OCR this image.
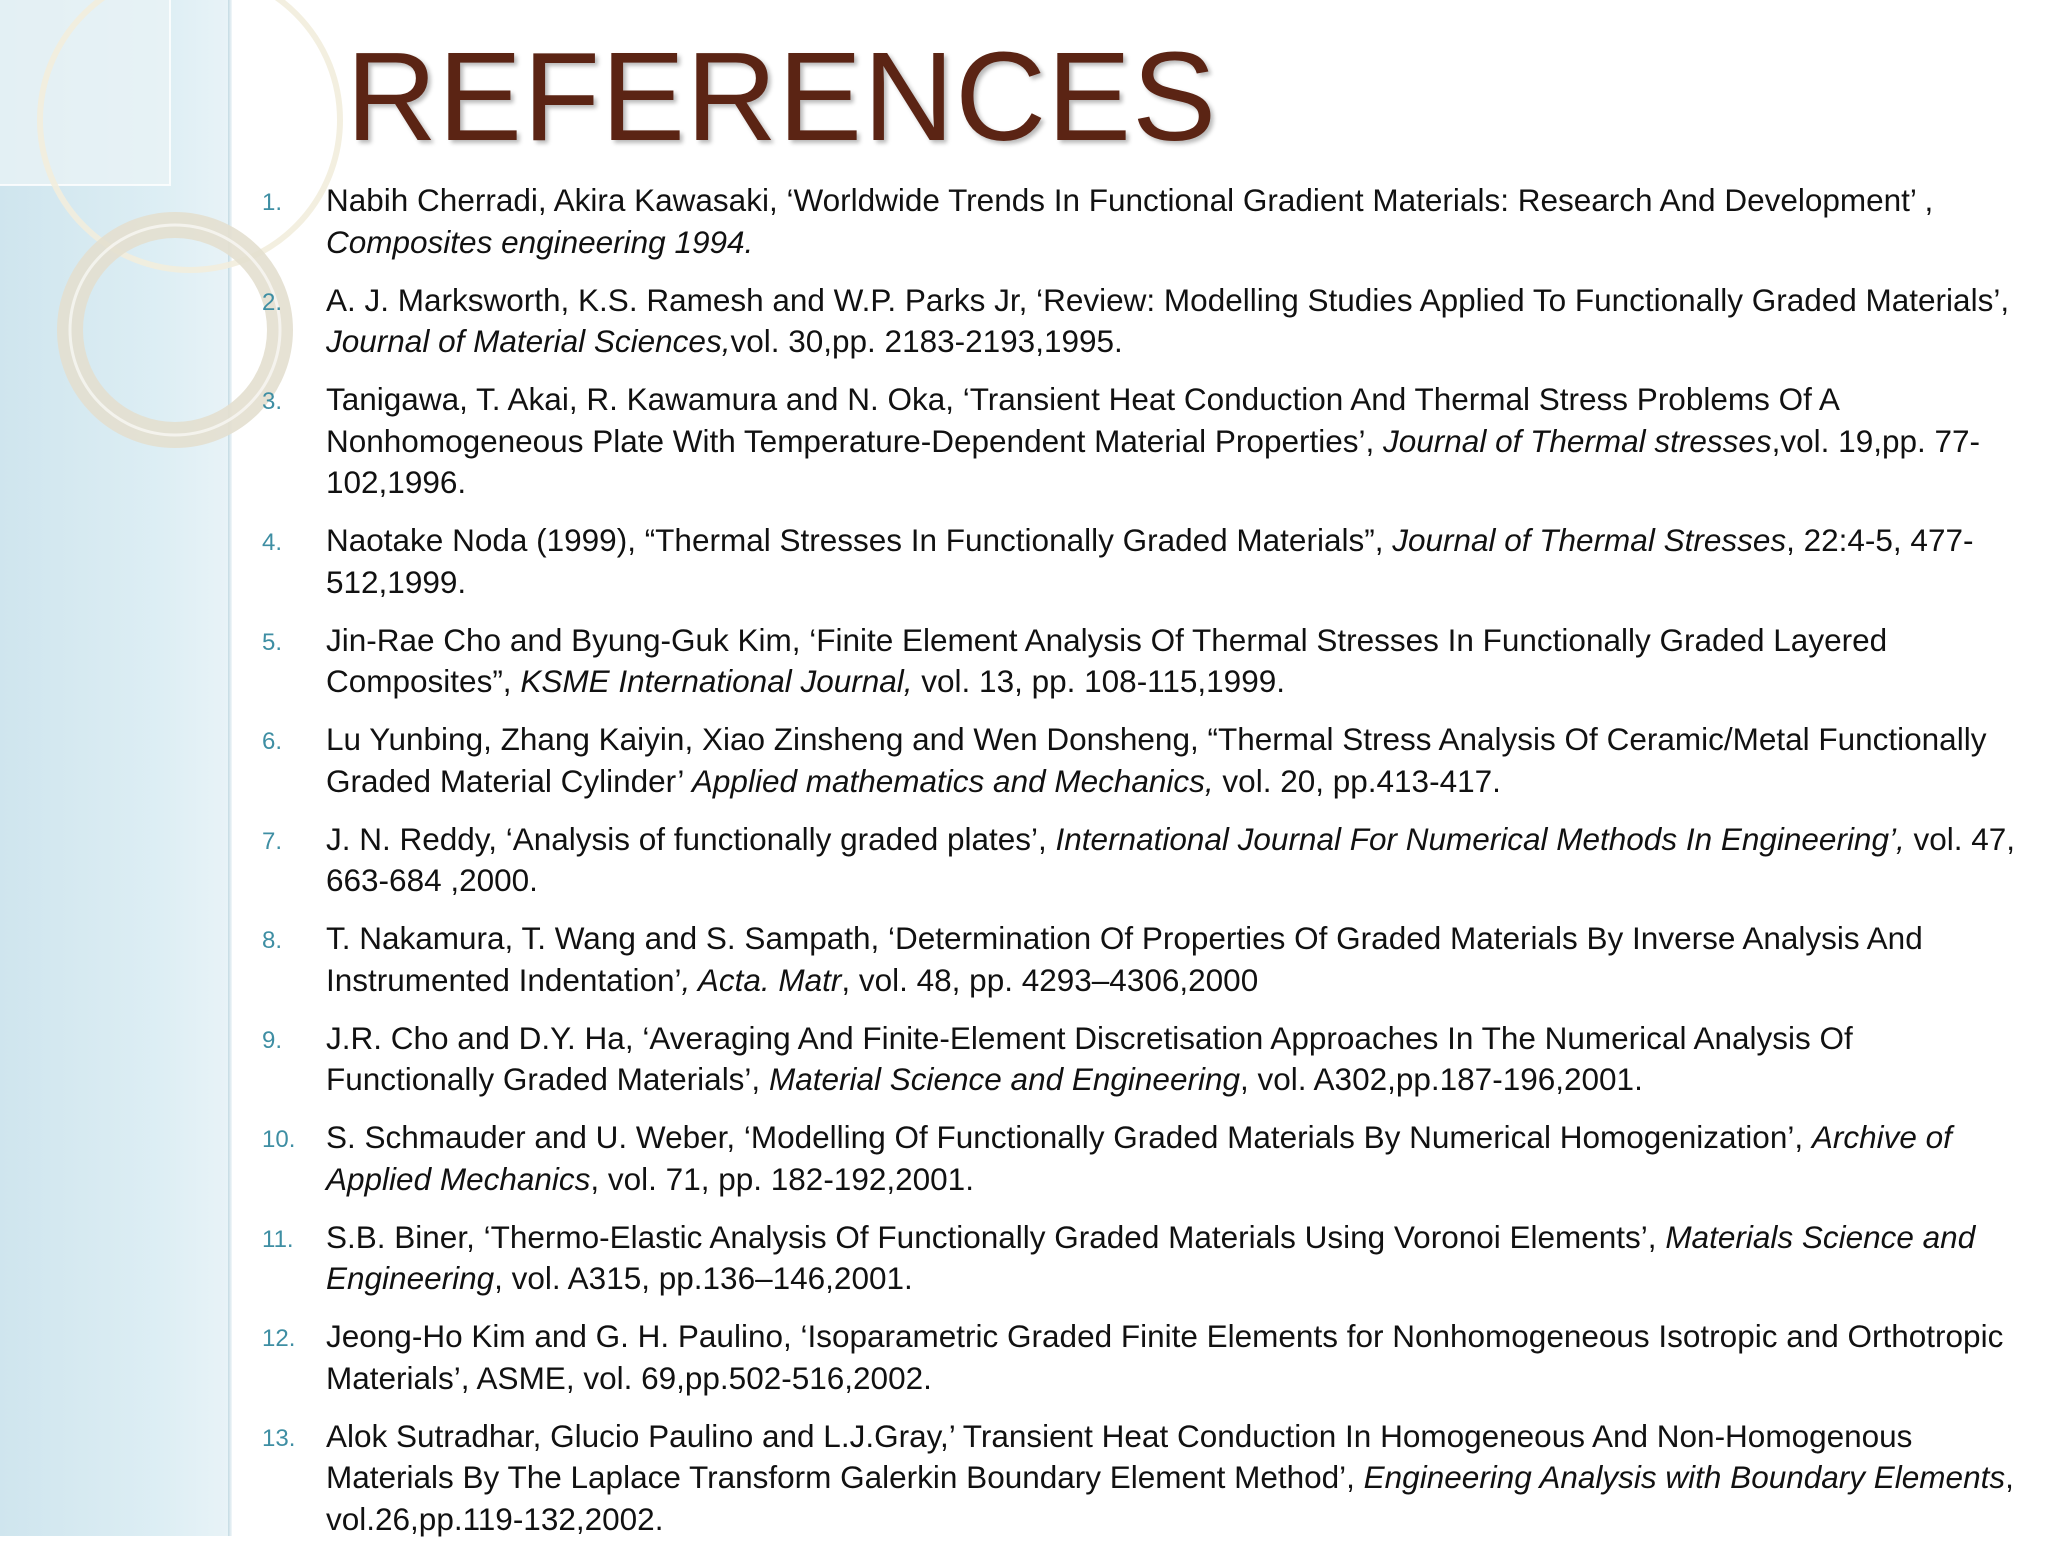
REFERENCES
1.	Nabih Cherradi, Akira Kawasaki, ‘Worldwide Trends In Functional Gradient Materials: Research And Development’ , Composites engineering 1994.
2.	A. J. Marksworth, K.S. Ramesh and W.P. Parks Jr, ‘Review: Modelling Studies Applied To Functionally Graded Materials’, Journal of Material Sciences,vol. 30,pp. 2183-2193,1995.
3.	Tanigawa, T. Akai, R. Kawamura and N. Oka, ‘Transient Heat Conduction And Thermal Stress Problems Of A Nonhomogeneous Plate With Temperature-Dependent Material Properties’, Journal of Thermal stresses,vol. 19,pp. 77-102,1996.
4.	Naotake Noda (1999), “Thermal Stresses In Functionally Graded Materials”, Journal of Thermal Stresses, 22:4-5, 477-512,1999.
5.	Jin-Rae Cho and Byung-Guk Kim, ‘Finite Element Analysis Of Thermal Stresses In Functionally Graded Layered Composites”, KSME International Journal, vol. 13, pp. 108-115,1999.
6.	Lu Yunbing, Zhang Kaiyin, Xiao Zinsheng and Wen Donsheng, “Thermal Stress Analysis Of Ceramic/Metal Functionally Graded Material Cylinder’ Applied mathematics and Mechanics, vol. 20, pp.413-417.
7.	J. N. Reddy, ‘Analysis of functionally graded plates’, International Journal For Numerical Methods In Engineering’, vol. 47, 663-684 ,2000.
8.	T. Nakamura, T. Wang and S. Sampath, ‘Determination Of Properties Of Graded Materials By Inverse Analysis And Instrumented Indentation’, Acta. Matr, vol. 48, pp. 4293–4306,2000
9.	J.R. Cho and D.Y. Ha, ‘Averaging And Finite-Element Discretisation Approaches In The Numerical Analysis Of Functionally Graded Materials’, Material Science and Engineering, vol. A302,pp.187-196,2001.
10. S. Schmauder and U. Weber, ‘Modelling Of Functionally Graded Materials By Numerical Homogenization’, Archive of Applied Mechanics, vol. 71, pp. 182-192,2001.
11.	S.B. Biner, ‘Thermo-Elastic Analysis Of Functionally Graded Materials Using Voronoi Elements’, Materials Science and Engineering, vol. A315, pp.136–146,2001.
12. Jeong-Ho Kim and G. H. Paulino, ‘Isoparametric Graded Finite Elements for Nonhomogeneous Isotropic and Orthotropic Materials’, ASME, vol. 69,pp.502-516,2002.
13. Alok Sutradhar, Glucio Paulino and L.J.Gray,’ Transient Heat Conduction In Homogeneous And Non-Homogenous Materials By The Laplace Transform Galerkin Boundary Element Method’, Engineering Analysis with Boundary Elements, vol.26,pp.119-132,2002.
